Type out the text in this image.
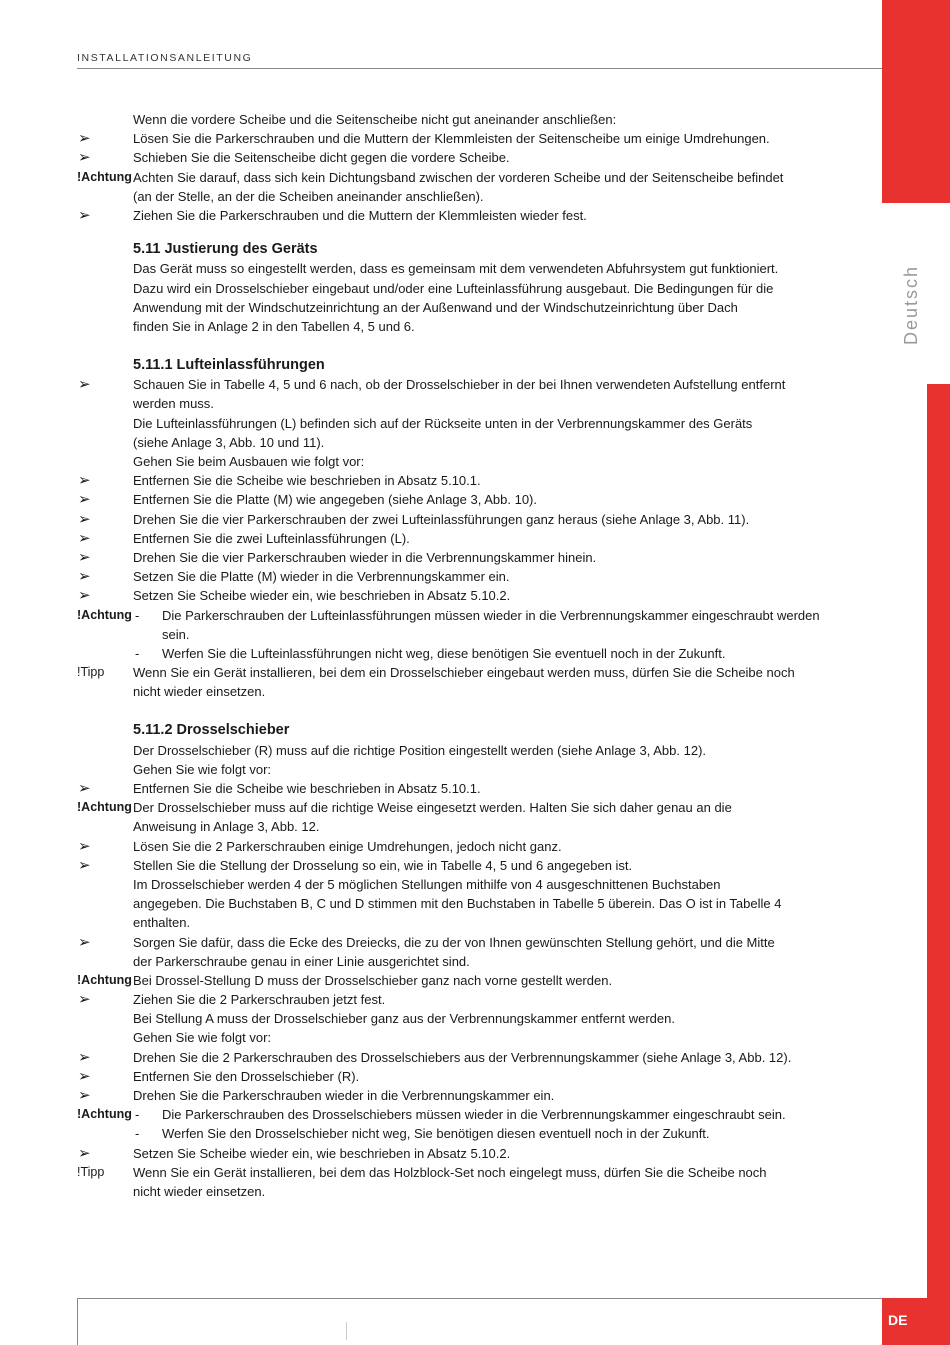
INSTALLATIONSANLEITUNG
Deutsch
Wenn die vordere Scheibe und die Seitenscheibe nicht gut aneinander anschließen:
➢	Lösen Sie die Parkerschrauben und die Muttern der Klemmleisten der Seitenscheibe um einige Umdrehungen.
➢	Schieben Sie die Seitenscheibe dicht gegen die vordere Scheibe.
!Achtung Achten Sie darauf, dass sich kein Dichtungsband zwischen der vorderen Scheibe und der Seitenscheibe befindet
(an der Stelle, an der die Scheiben aneinander anschließen).
➢	Ziehen Sie die Parkerschrauben und die Muttern der Klemmleisten wieder fest.
5.11 Justierung des Geräts
Das Gerät muss so eingestellt werden, dass es gemeinsam mit dem verwendeten Abfuhrsystem gut funktioniert.
Dazu wird ein Drosselschieber eingebaut und/oder eine Lufteinlassführung ausgebaut. Die Bedingungen für die
Anwendung mit der Windschutzeinrichtung an der Außenwand und der Windschutzeinrichtung über Dach
finden Sie in Anlage 2 in den Tabellen 4, 5 und 6.
5.11.1 Lufteinlassführungen
➢	Schauen Sie in Tabelle 4, 5 und 6 nach, ob der Drosselschieber in der bei Ihnen verwendeten Aufstellung entfernt
werden muss.
Die Lufteinlassführungen (L) befinden sich auf der Rückseite unten in der Verbrennungskammer des Geräts
(siehe Anlage 3, Abb. 10 und 11).
Gehen Sie beim Ausbauen wie folgt vor:
➢	Entfernen Sie die Scheibe wie beschrieben in Absatz 5.10.1.
➢	Entfernen Sie die Platte (M) wie angegeben (siehe Anlage 3, Abb. 10).
➢	Drehen Sie die vier Parkerschrauben der zwei Lufteinlassführungen ganz heraus (siehe Anlage 3, Abb. 11).
➢	Entfernen Sie die zwei Lufteinlassführungen (L).
➢	Drehen Sie die vier Parkerschrauben wieder in die Verbrennungskammer hinein.
➢	Setzen Sie die Platte (M) wieder in die Verbrennungskammer ein.
➢	Setzen Sie Scheibe wieder ein, wie beschrieben in Absatz 5.10.2.
!Achtung - Die Parkerschrauben der Lufteinlassführungen müssen wieder in die Verbrennungskammer eingeschraubt werden
sein.
- Werfen Sie die Lufteinlassführungen nicht weg, diese benötigen Sie eventuell noch in der Zukunft.
!Tipp Wenn Sie ein Gerät installieren, bei dem ein Drosselschieber eingebaut werden muss, dürfen Sie die Scheibe noch
nicht wieder einsetzen.
5.11.2 Drosselschieber
Der Drosselschieber (R) muss auf die richtige Position eingestellt werden (siehe Anlage 3, Abb. 12).
Gehen Sie wie folgt vor:
➢	Entfernen Sie die Scheibe wie beschrieben in Absatz 5.10.1.
!Achtung Der Drosselschieber muss auf die richtige Weise eingesetzt werden. Halten Sie sich daher genau an die
Anweisung in Anlage 3, Abb. 12.
➢	Lösen Sie die 2 Parkerschrauben einige Umdrehungen, jedoch nicht ganz.
➢	Stellen Sie die Stellung der Drosselung so ein, wie in Tabelle 4, 5 und 6 angegeben ist.
Im Drosselschieber werden 4 der 5 möglichen Stellungen mithilfe von 4 ausgeschnittenen Buchstaben
angegeben. Die Buchstaben B, C und D stimmen mit den Buchstaben in Tabelle 5 überein. Das O ist in Tabelle 4
enthalten.
➢	Sorgen Sie dafür, dass die Ecke des Dreiecks, die zu der von Ihnen gewünschten Stellung gehört, und die Mitte
der Parkerschraube genau in einer Linie ausgerichtet sind.
!Achtung Bei Drossel-Stellung D muss der Drosselschieber ganz nach vorne gestellt werden.
➢	Ziehen Sie die 2 Parkerschrauben jetzt fest.
Bei Stellung A muss der Drosselschieber ganz aus der Verbrennungskammer entfernt werden.
Gehen Sie wie folgt vor:
➢	Drehen Sie die 2 Parkerschrauben des Drosselschiebers aus der Verbrennungskammer (siehe Anlage 3, Abb. 12).
➢	Entfernen Sie den Drosselschieber (R).
➢	Drehen Sie die Parkerschrauben wieder in die Verbrennungskammer ein.
!Achtung - Die Parkerschrauben des Drosselschiebers müssen wieder in die Verbrennungskammer eingeschraubt sein.
- Werfen Sie den Drosselschieber nicht weg, Sie benötigen diesen eventuell noch in der Zukunft.
➢	Setzen Sie Scheibe wieder ein, wie beschrieben in Absatz 5.10.2.
!Tipp Wenn Sie ein Gerät installieren, bei dem das Holzblock-Set noch eingelegt muss, dürfen Sie die Scheibe noch
nicht wieder einsetzen.
DE
